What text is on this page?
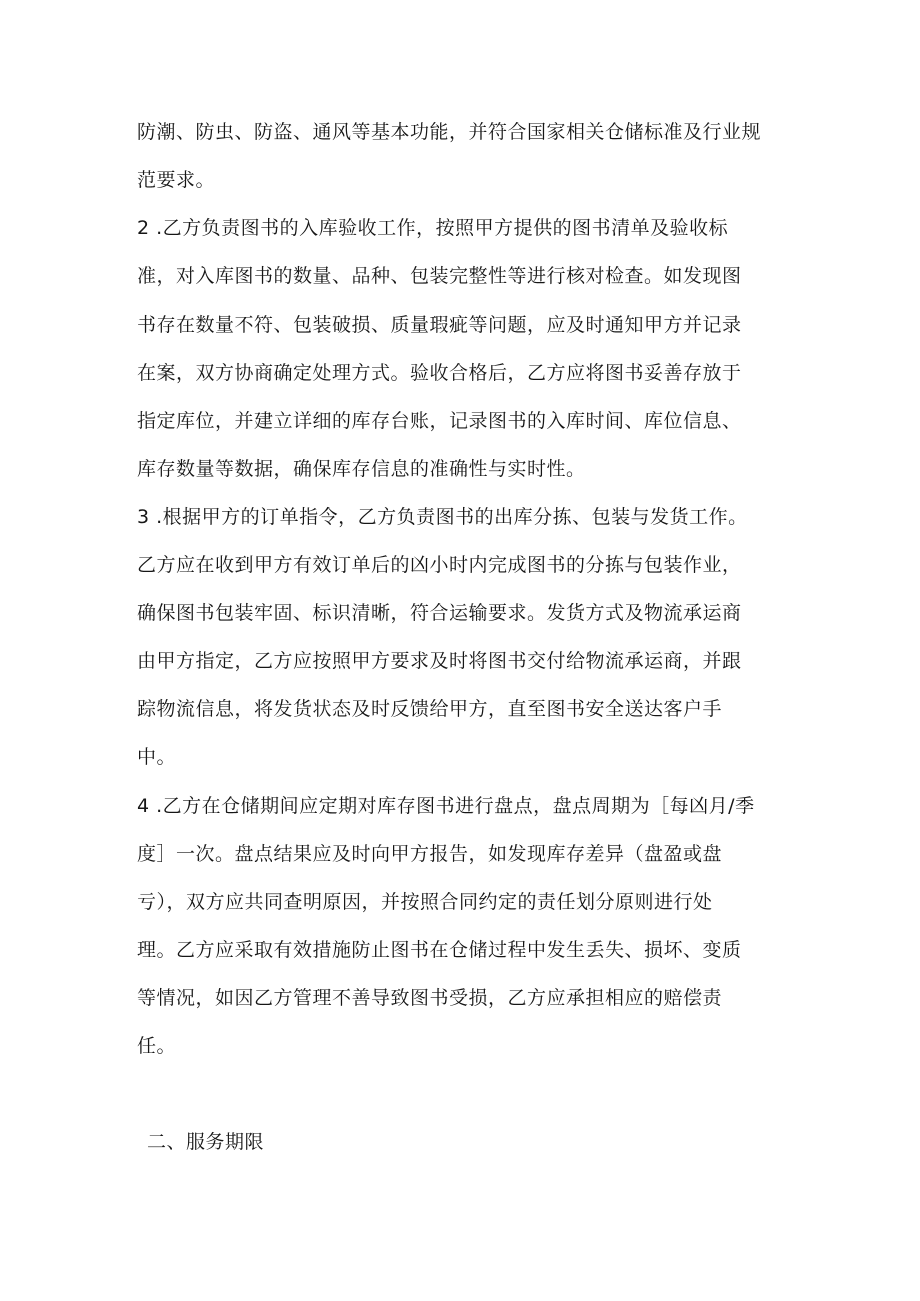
防潮、防虫、防盗、通风等基本功能，并符合国家相关仓储标准及行业规
范要求。
2 .乙方负责图书的入库验收工作，按照甲方提供的图书清单及验收标
准，对入库图书的数量、品种、包装完整性等进行核对检查。如发现图
书存在数量不符、包装破损、质量瑕疵等问题，应及时通知甲方并记录
在案，双方协商确定处理方式。验收合格后，乙方应将图书妥善存放于
指定库位，并建立详细的库存台账，记录图书的入库时间、库位信息、
库存数量等数据，确保库存信息的准确性与实时性。
3 .根据甲方的订单指令，乙方负责图书的出库分拣、包装与发货工作。
乙方应在收到甲方有效订单后的凶小时内完成图书的分拣与包装作业，
确保图书包装牢固、标识清晰，符合运输要求。发货方式及物流承运商
由甲方指定，乙方应按照甲方要求及时将图书交付给物流承运商，并跟
踪物流信息，将发货状态及时反馈给甲方，直至图书安全送达客户手
中。
4 .乙方在仓储期间应定期对库存图书进行盘点，盘点周期为［每凶月/季
度］一次。盘点结果应及时向甲方报告，如发现库存差异（盘盈或盘
亏），双方应共同查明原因，并按照合同约定的责任划分原则进行处
理。乙方应采取有效措施防止图书在仓储过程中发生丢失、损坏、变质
等情况，如因乙方管理不善导致图书受损，乙方应承担相应的赔偿责
任。
二、服务期限
